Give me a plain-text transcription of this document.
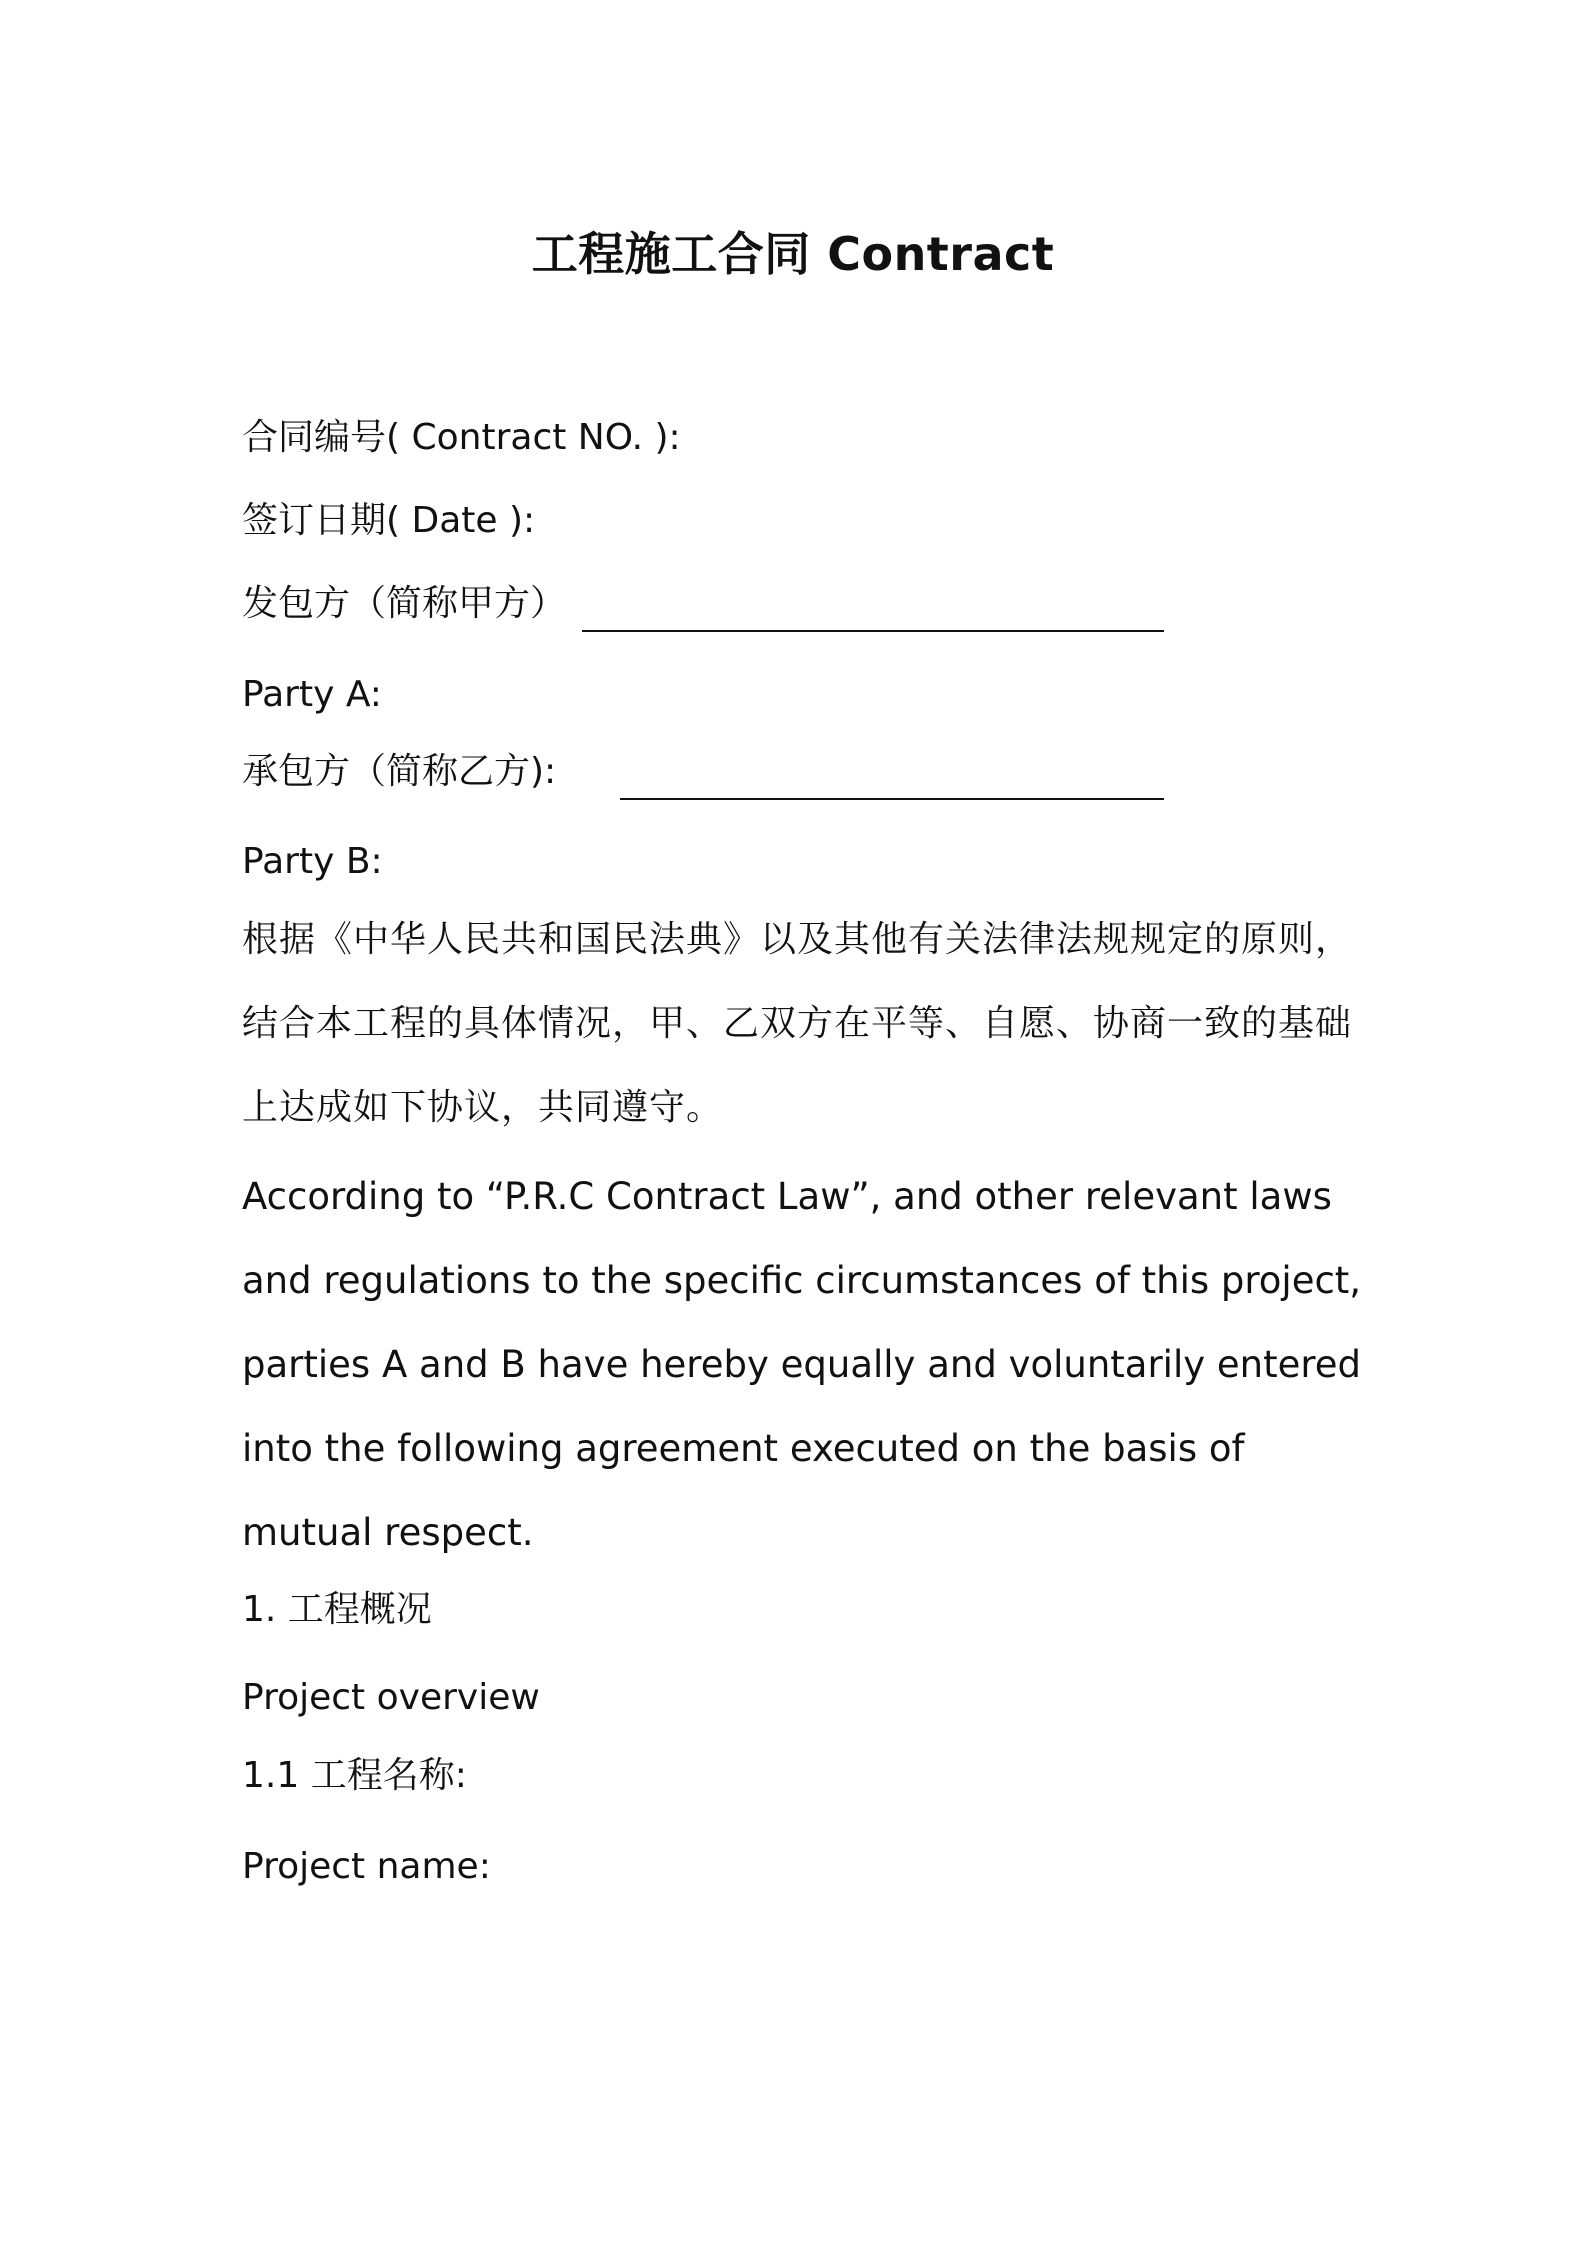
工程施工合同 Contract
合同编号( Contract NO. ):
签订日期( Date ):
发包方（简称甲方）
Party A:
承包方（简称乙方):
Party B:
根据《中华人民共和国民法典》以及其他有关法律法规规定的原则，结合本工程的具体情况，甲、乙双方在平等、自愿、协商一致的基础上达成如下协议，共同遵守。
According to “P.R.C Contract Law”, and other relevant laws and regulations to the specific circumstances of this project, parties A and B have hereby equally and voluntarily entered into the following agreement executed on the basis of mutual respect.
1. 工程概况
Project overview
1.1 工程名称:
Project name:
